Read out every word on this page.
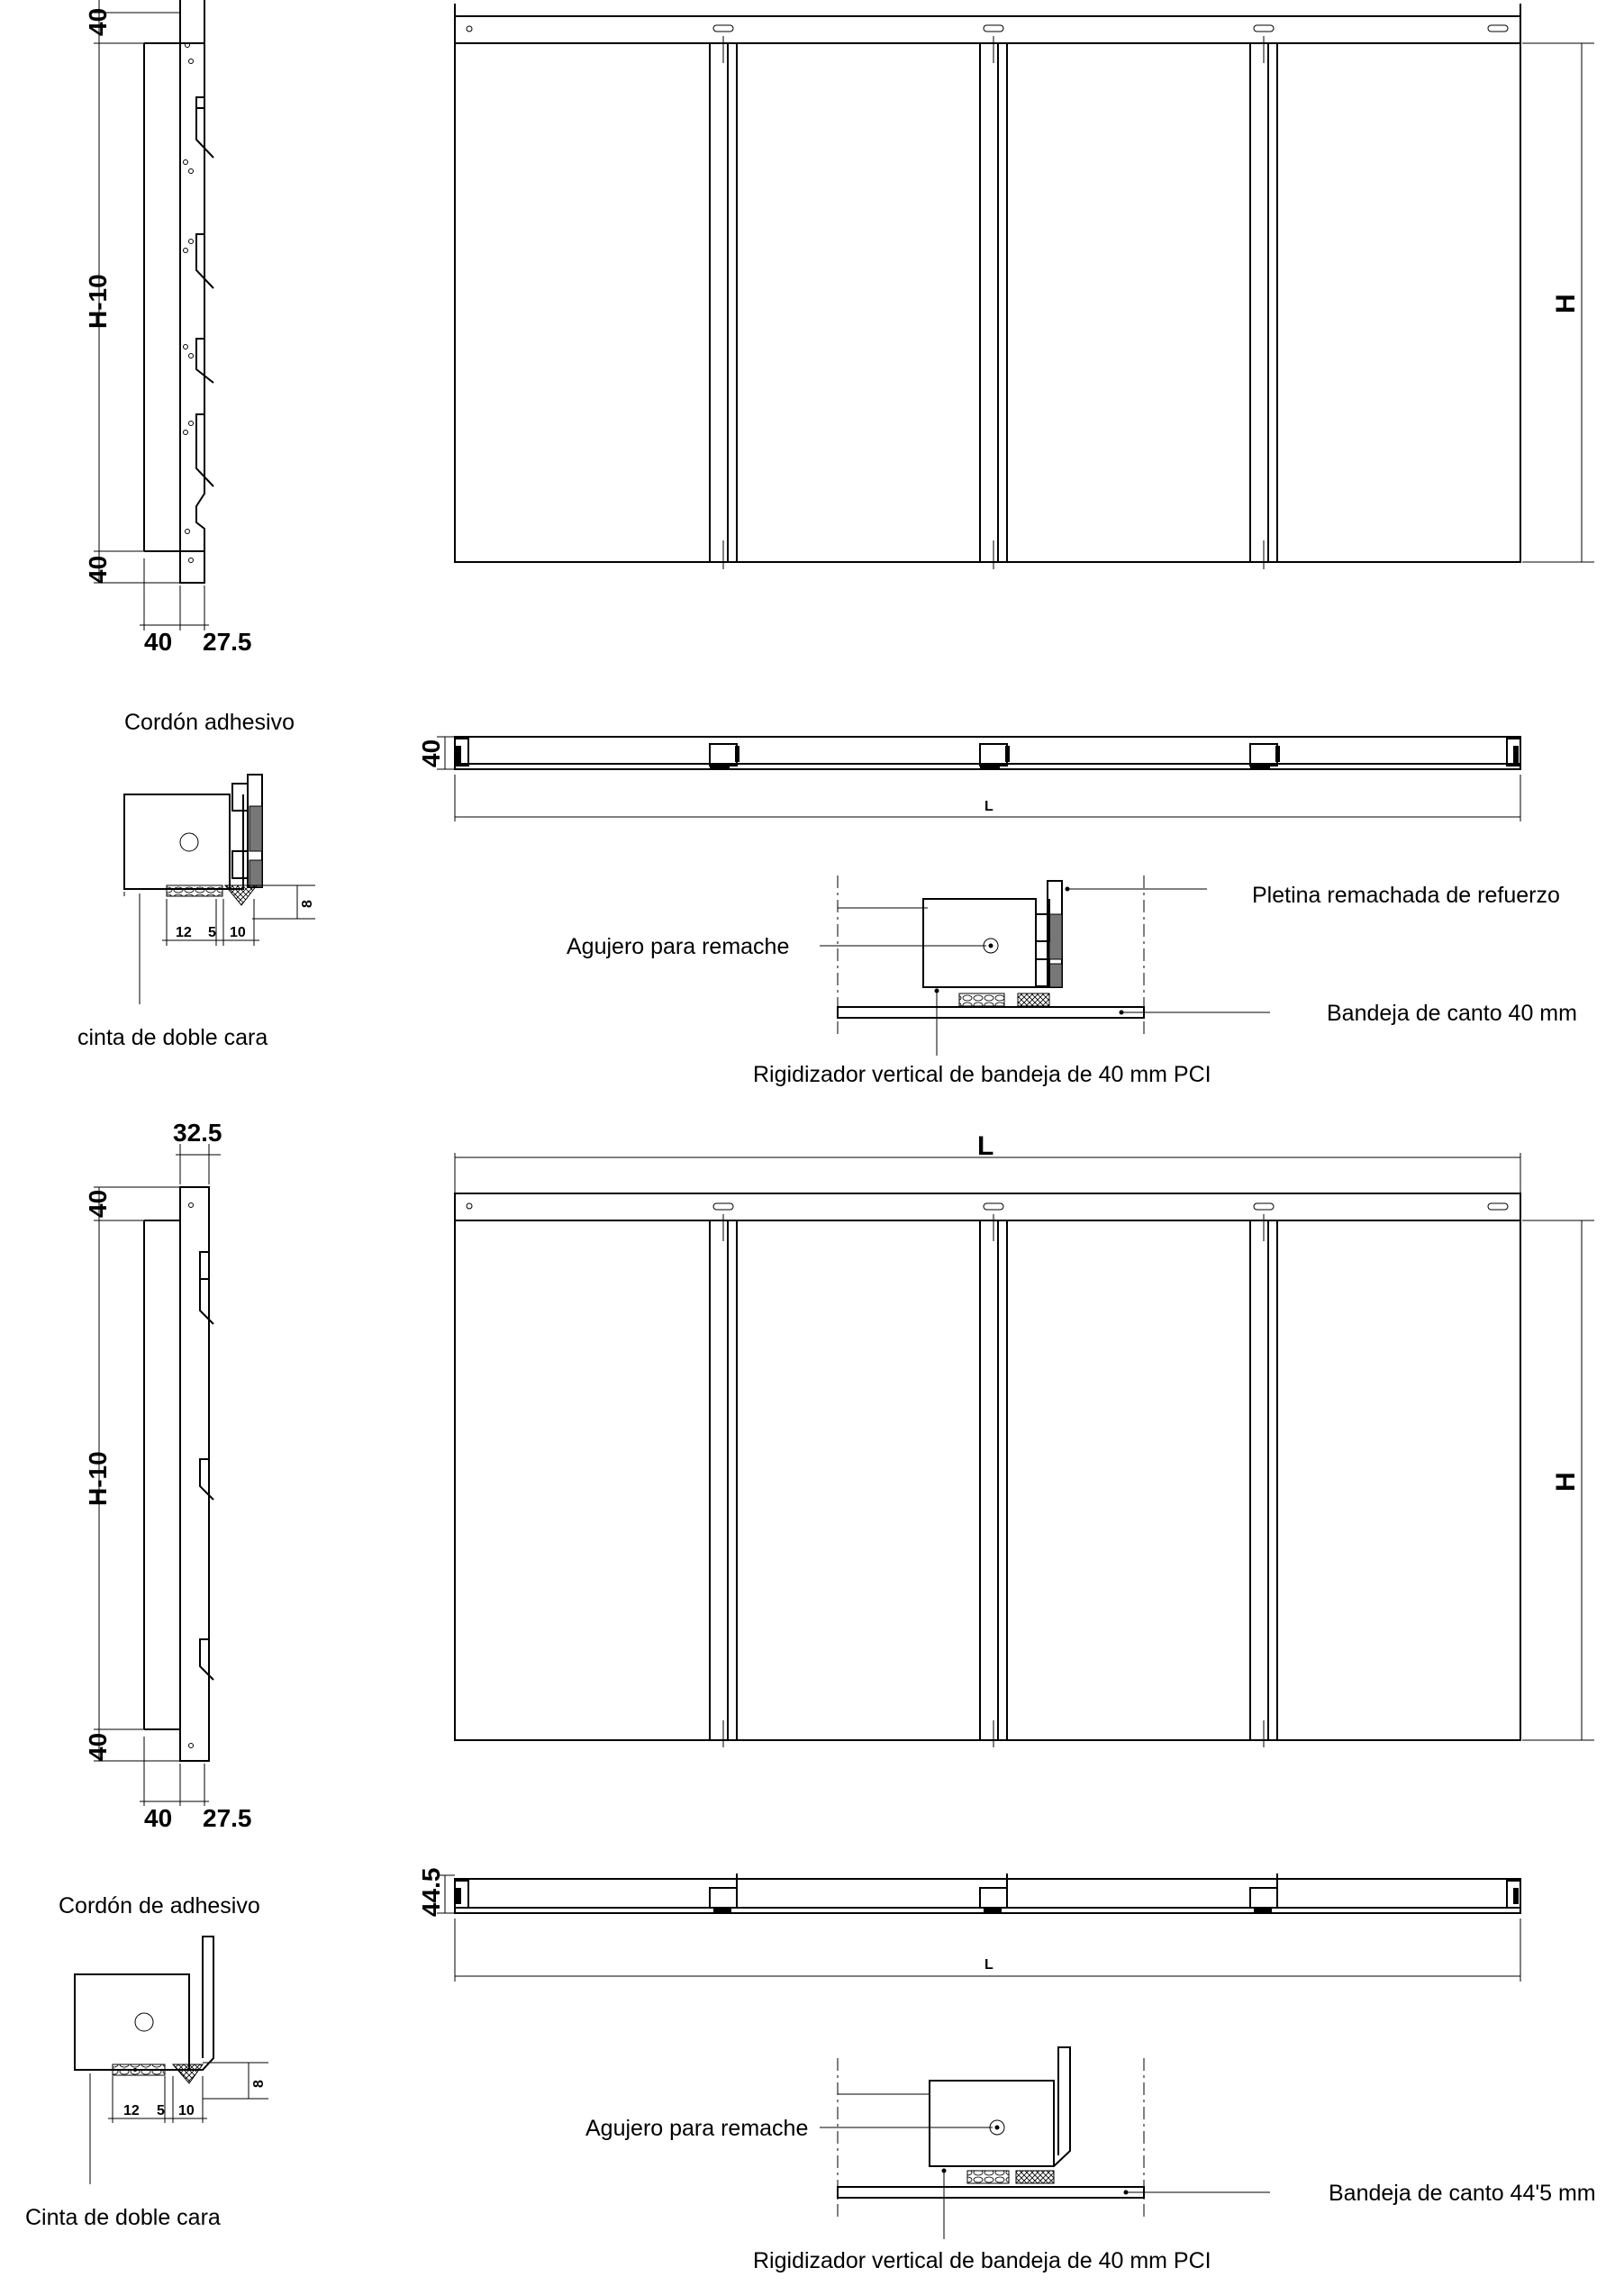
40
H-10
40
40 27.5
H
Cordón adhesivo
12 5 10
8
cinta de doble cara
40
L
Pletina remachada de refuerzo
Agujero para remache
Bandeja de canto 40 mm
Rigidizador vertical de bandeja de 40 mm PCI
32.5
40
H-10
40
40 27.5
L
H
Cordón de adhesivo
12 5 10
8
Cinta de doble cara
44.5
L
Agujero para remache
Bandeja de canto 44'5 mm
Rigidizador vertical de bandeja de 40 mm PCI
